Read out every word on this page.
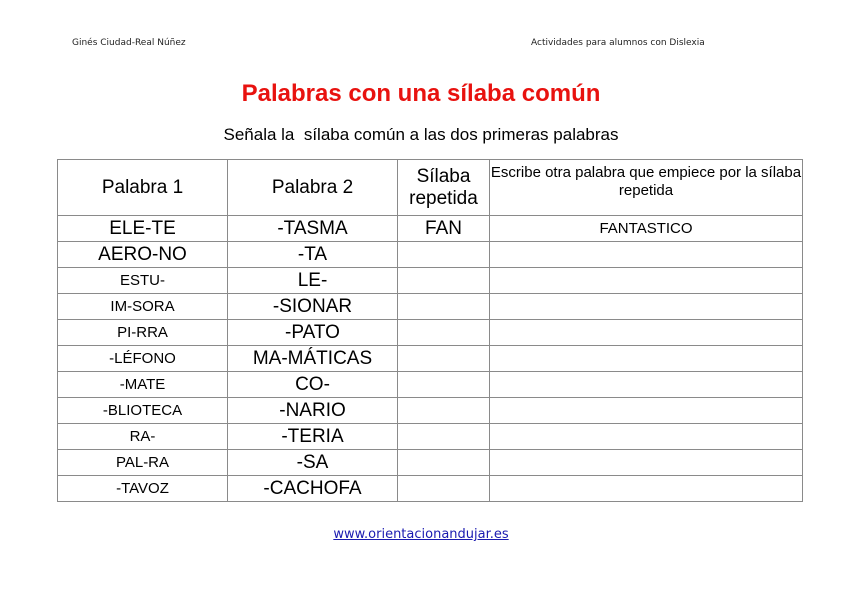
Ginés Ciudad-Real Núñez	Actividades para alumnos con Dislexia
Palabras con una sílaba común
Señala la  sílaba común a las dos primeras palabras
Palabra 1	Palabra 2	Sílaba repetida	Escribe otra palabra que empiece por la sílaba repetida
ELE-TE	-TASMA	FAN	FANTASTICO
AERO-NO	-TA		
ESTU-	LE-		
IM-SORA	-SIONAR		
PI-RRA	-PATO		
-LÉFONO	MA-MÁTICAS		
-MATE	CO-		
-BLIOTECA	-NARIO		
RA-	-TERIA		
PAL-RA	-SA		
-TAVOZ	-CACHOFA		
www.orientacionandujar.es
